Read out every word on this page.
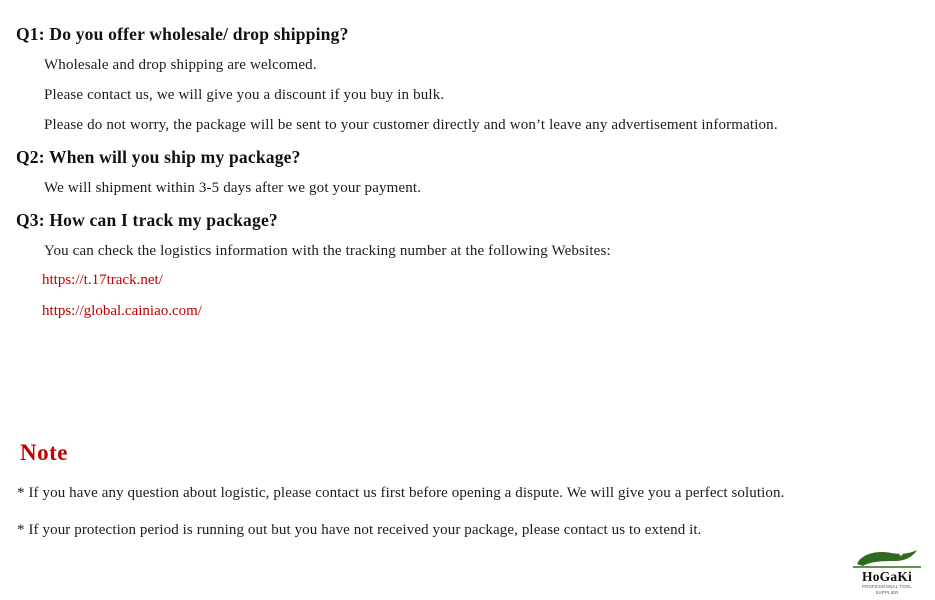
Q1: Do you offer wholesale/ drop shipping?

Wholesale and drop shipping are welcomed.

Please contact us, we will give you a discount if you buy in bulk.

Please do not worry, the package will be sent to your customer directly and won’t leave any advertisement information.

Q2: When will you ship my package?

We will shipment within 3-5 days after we got your payment.

Q3: How can I track my package?

You can check the logistics information with the tracking number at the following Websites:

https://t.17track.net/
https://global.cainiao.com/
Note
* If you have any question about logistic, please contact us first before opening a dispute. We will give you a perfect solution.
* If your protection period is running out but you have not received your package, please contact us to extend it.
HoGaKi
PROFESSIONAL TOOL SUPPLIER
